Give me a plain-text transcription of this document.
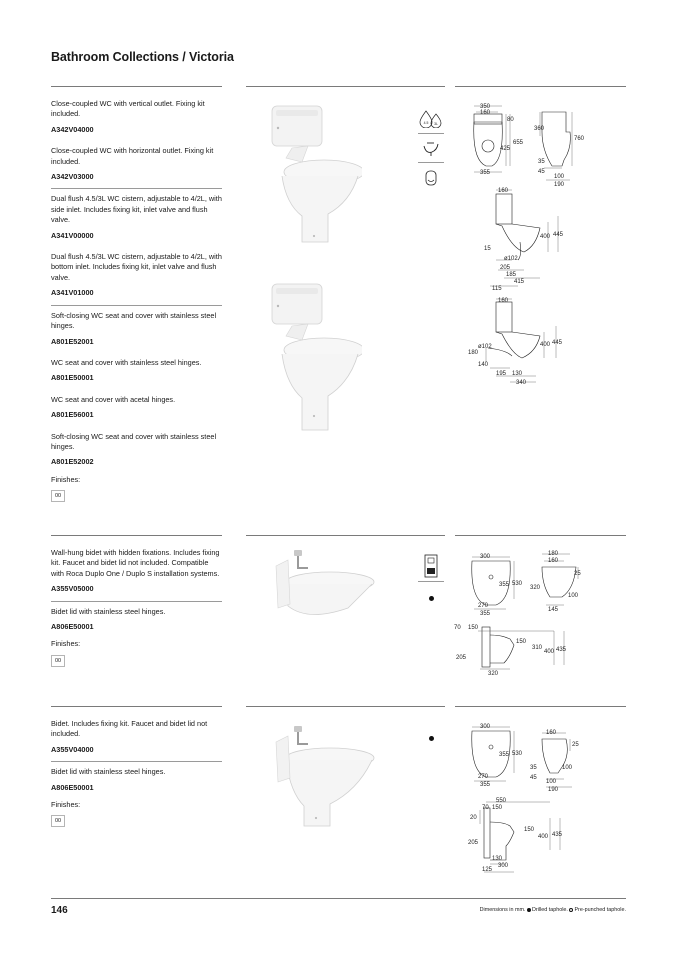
Bathroom Collections / Victoria
Close-coupled WC with vertical outlet. Fixing kit included.
A342V04000
Close-coupled WC with horizontal outlet. Fixing kit included.
A342V03000
Dual flush 4.5/3L WC cistern, adjustable to 4/2L, with side inlet. Includes fixing kit, inlet valve and flush valve.
A341V00000
Dual flush 4.5/3L WC cistern, adjustable to 4/2L, with bottom inlet. Includes fixing kit, inlet valve and flush valve.
A341V01000
Soft-closing WC seat and cover with stainless steel hinges.
A801E52001
WC seat and cover with stainless steel hinges.
A801E50001
WC seat and cover with acetal hinges.
A801E56001
Soft-closing WC seat and cover with stainless steel hinges.
A801E52002
Finishes:
00
4.5 3L
350
160
80
655
425
355
360
760
35
45
100
190
160
400 445
15
ø102
205
185
415
115
160
ø102
180
400 445
140
195 130
340
Wall-hung bidet with hidden fixations. Includes fixing kit. Faucet and bidet lid not included. Compatible with Roca Duplo One / Duplo S installation systems.
A355V05000
Bidet lid with stainless steel hinges.
A806E50001
Finishes:
00
300
355 530
270
355
180
160
25
320
100
145
70 150
150
310
400 435
205
320
Bidet. Includes fixing kit. Faucet and bidet lid not included.
A355V04000
Bidet lid with stainless steel hinges.
A806E50001
Finishes:
00
300
355 530
270
355
160
25
35	100
45
100
190
550
70 150
20
150
400 435
205
130
125
300
146	Dimensions in mm. Drilled taphole. Pre-punched taphole.
